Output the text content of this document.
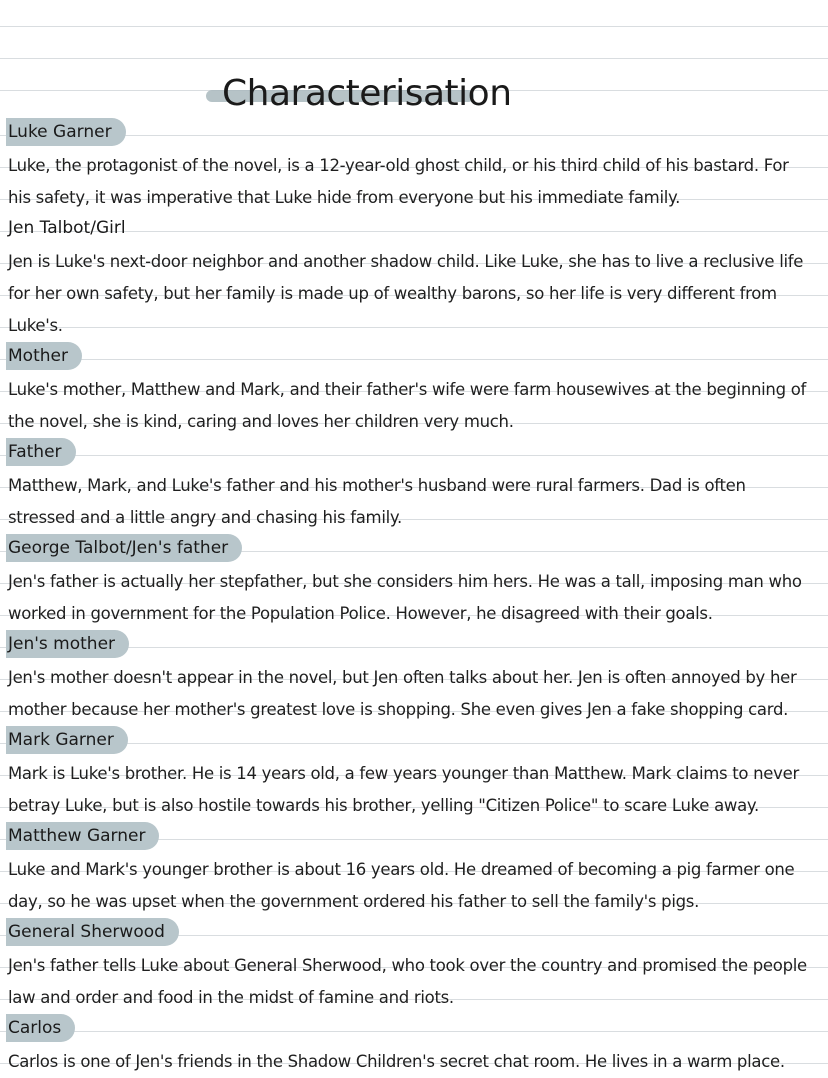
Characterisation
Luke Garner

Luke, the protagonist of the novel, is a 12-year-old ghost child, or his third child of his bastard. For his safety, it was imperative that Luke hide from everyone but his immediate family.

Jen Talbot/Girl

Jen is Luke's next-door neighbor and another shadow child. Like Luke, she has to live a reclusive life for her own safety, but her family is made up of wealthy barons, so her life is very different from Luke's.

Mother

Luke's mother, Matthew and Mark, and their father's wife were farm housewives at the beginning of the novel, she is kind, caring and loves her children very much.

Father

Matthew, Mark, and Luke's father and his mother's husband were rural farmers. Dad is often stressed and a little angry and chasing his family.

George Talbot/Jen's father

Jen's father is actually her stepfather, but she considers him hers. He was a tall, imposing man who worked in government for the Population Police. However, he disagreed with their goals.

Jen's mother

Jen's mother doesn't appear in the novel, but Jen often talks about her. Jen is often annoyed by her mother because her mother's greatest love is shopping. She even gives Jen a fake shopping card.

Mark Garner

Mark is Luke's brother. He is 14 years old, a few years younger than Matthew. Mark claims to never betray Luke, but is also hostile towards his brother, yelling "Citizen Police" to scare Luke away.

Matthew Garner

Luke and Mark's younger brother is about 16 years old. He dreamed of becoming a pig farmer one day, so he was upset when the government ordered his father to sell the family's pigs.

General Sherwood

Jen's father tells Luke about General Sherwood, who took over the country and promised the people law and order and food in the midst of famine and riots.

Carlos

Carlos is one of Jen's friends in the Shadow Children's secret chat room. He lives in a warm place.
